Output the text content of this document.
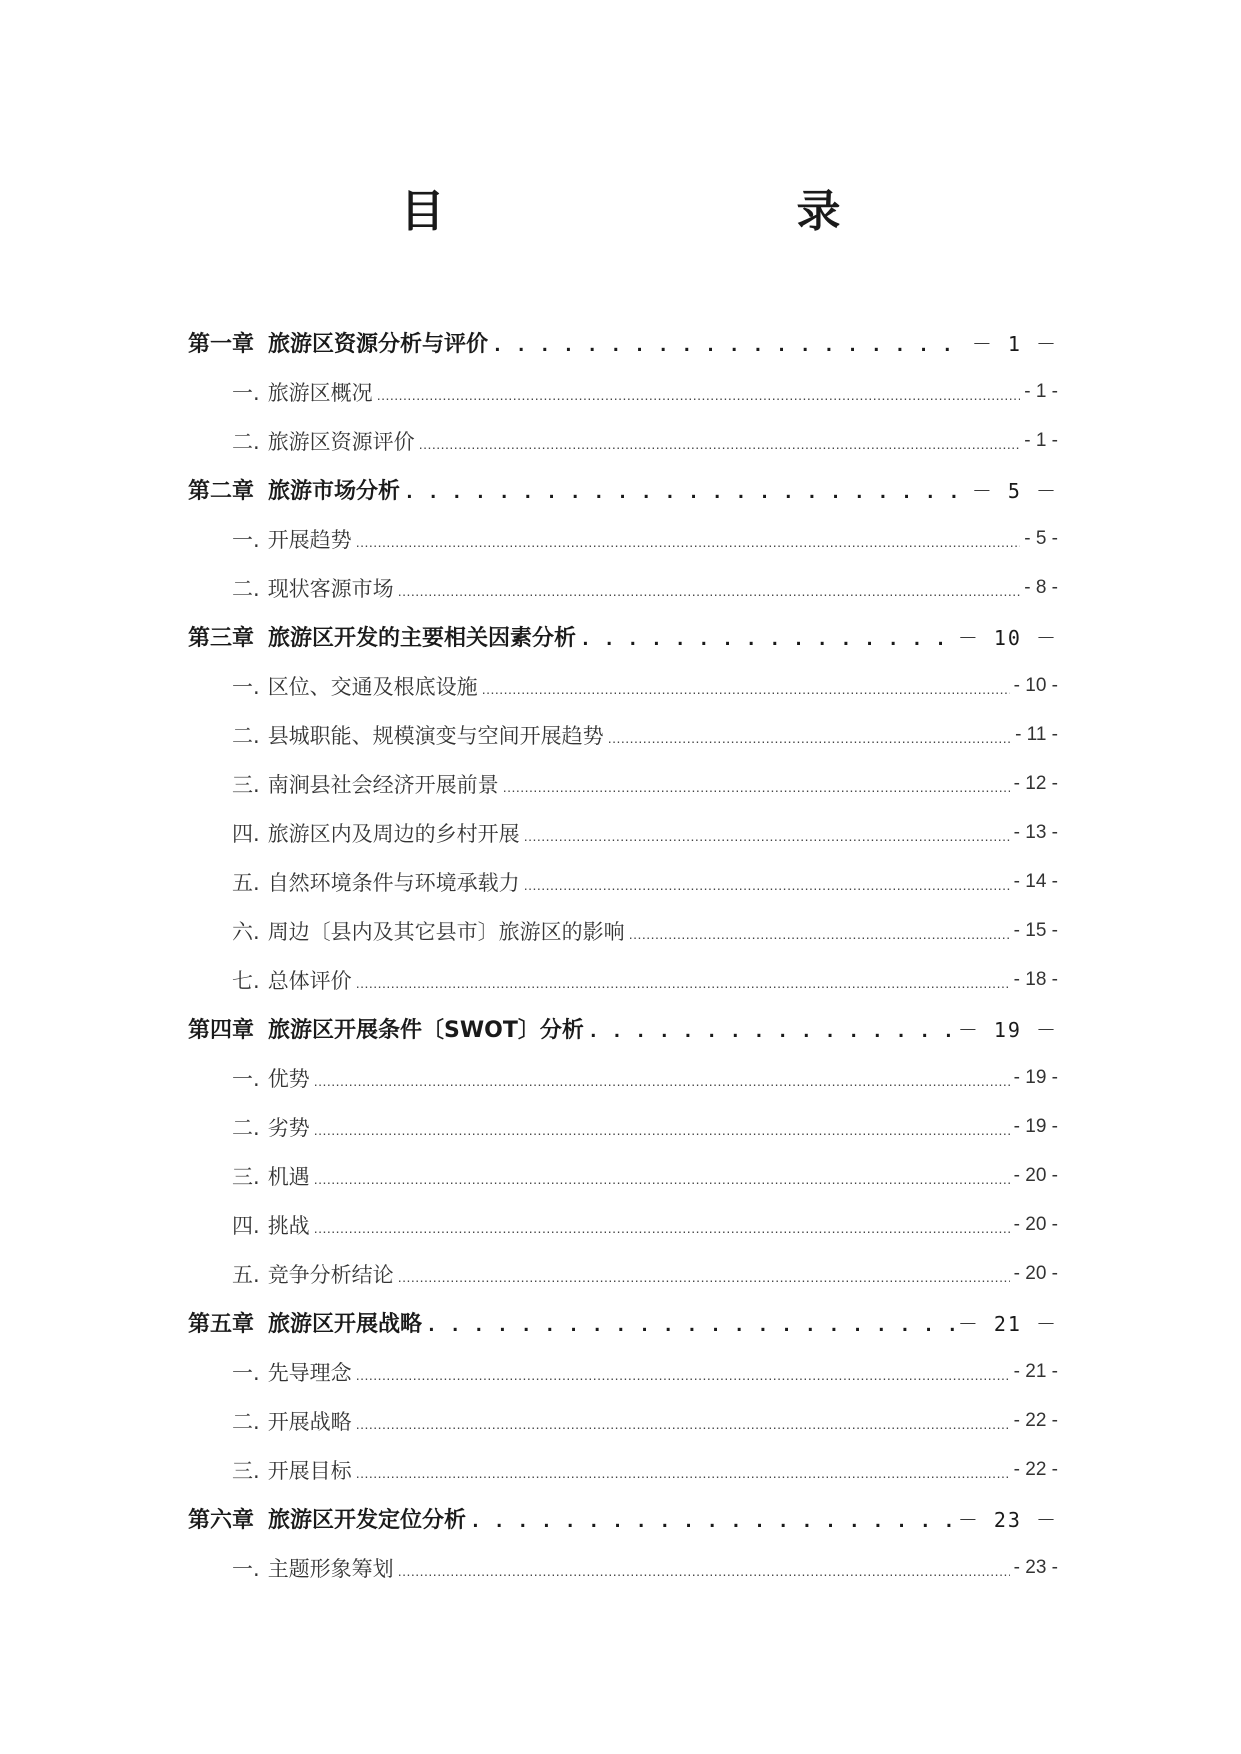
目　　录
第一章 旅游区资源分析与评价 . . .	－ 1 －
一. 旅游区概况 .....	- 1 -
二. 旅游区资源评价 .....	- 1 -
第二章 旅游市场分析 . . .	－ 5 －
一. 开展趋势 .....	- 5 -
二. 现状客源市场 .....	- 8 -
第三章 旅游区开发的主要相关因素分析 . . .	－ 10 －
一. 区位、交通及根底设施 .....	- 10 -
二. 县城职能、规模演变与空间开展趋势 .....	- 11 -
三. 南涧县社会经济开展前景 .....	- 12 -
四. 旅游区内及周边的乡村开展 .....	- 13 -
五. 自然环境条件与环境承载力 .....	- 14 -
六. 周边〔县内及其它县市〕旅游区的影响 .....	- 15 -
七. 总体评价 .....	- 18 -
第四章 旅游区开展条件〔SWOT〕分析 . . .	－ 19 －
一. 优势 .....	- 19 -
二. 劣势 .....	- 19 -
三. 机遇 .....	- 20 -
四. 挑战 .....	- 20 -
五. 竞争分析结论 .....	- 20 -
第五章 旅游区开展战略 . . .	－ 21 －
一. 先导理念 .....	- 21 -
二. 开展战略 .....	- 22 -
三. 开展目标 .....	- 22 -
第六章 旅游区开发定位分析 . . .	－ 23 －
一. 主题形象筹划 .....	- 23 -
